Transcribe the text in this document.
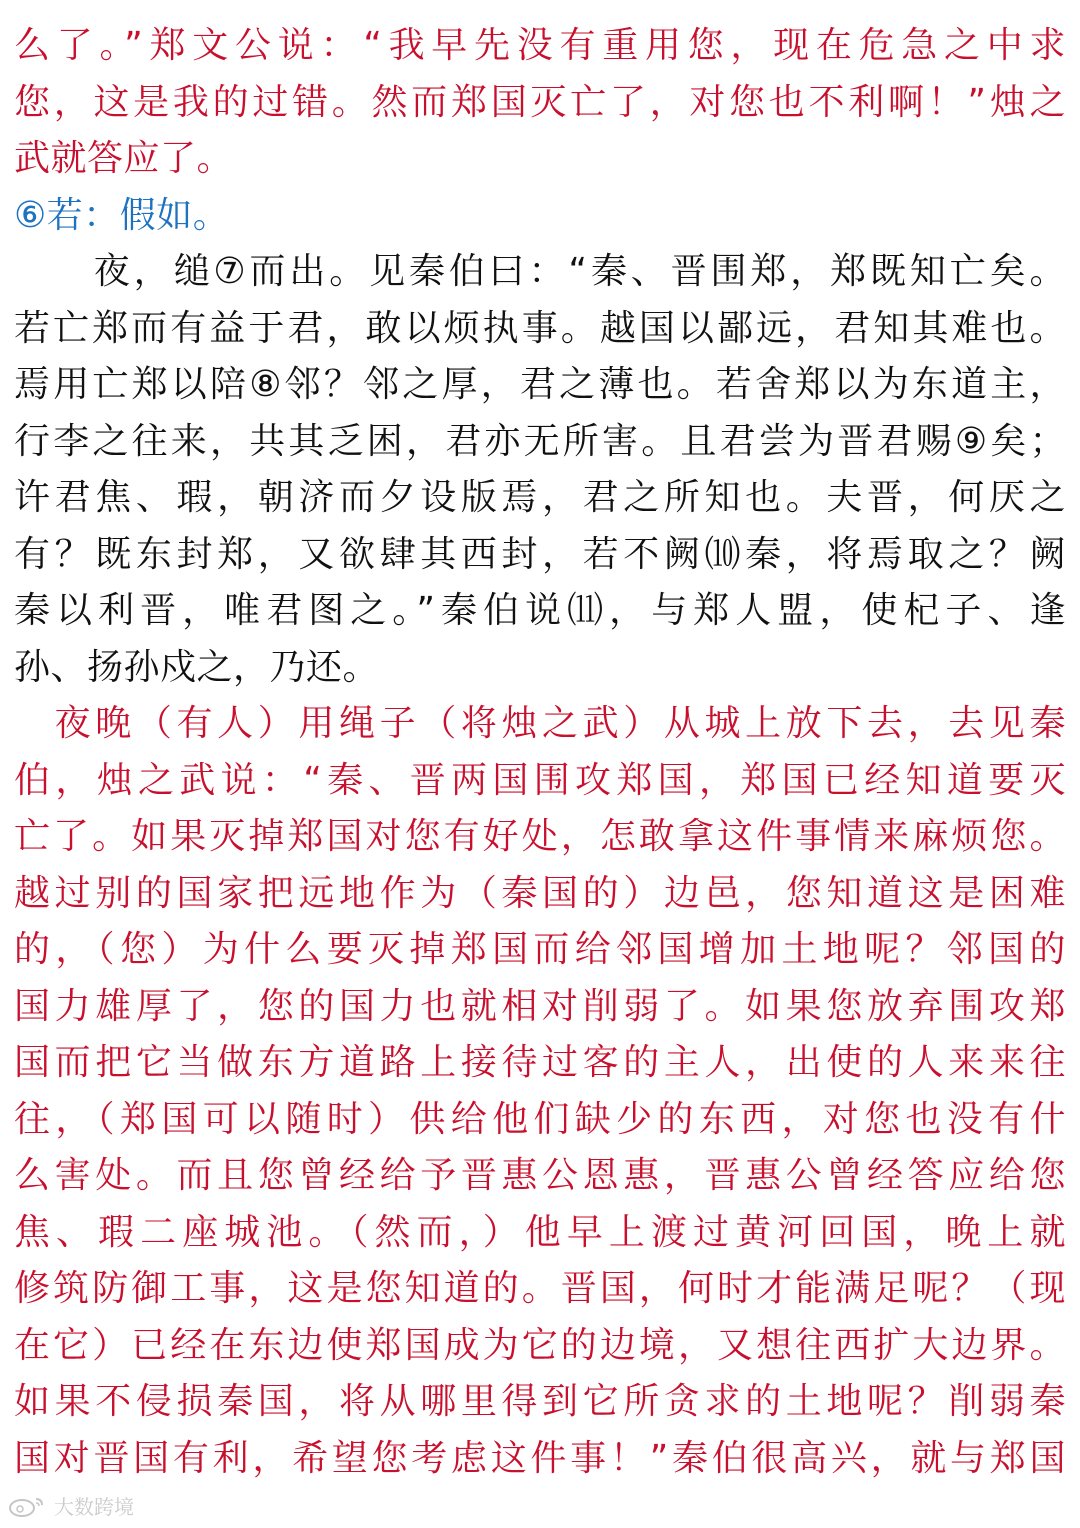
么了。”郑文公说：“我早先没有重用您，现在危急之中求
您，这是我的过错。然而郑国灭亡了，对您也不利啊！”烛之
武就答应了。
⑥若：假如。
　　夜，缒⑦而出。见秦伯曰：“秦、晋围郑，郑既知亡矣。
若亡郑而有益于君，敢以烦执事。越国以鄙远，君知其难也。
焉用亡郑以陪⑧邻？邻之厚，君之薄也。若舍郑以为东道主，
行李之往来，共其乏困，君亦无所害。且君尝为晋君赐⑨矣；
许君焦、瑕，朝济而夕设版焉，君之所知也。夫晋，何厌之
有？既东封郑，又欲肆其西封，若不阙⑽秦，将焉取之？阙
秦以利晋，唯君图之。”秦伯说⑾，与郑人盟，使杞子、逢
孙、扬孙戍之，乃还。
　夜晚（有人）用绳子（将烛之武）从城上放下去，去见秦
伯，烛之武说：“秦、晋两国围攻郑国，郑国已经知道要灭
亡了。如果灭掉郑国对您有好处，怎敢拿这件事情来麻烦您。
越过别的国家把远地作为（秦国的）边邑，您知道这是困难
的，（您）为什么要灭掉郑国而给邻国增加土地呢？邻国的
国力雄厚了，您的国力也就相对削弱了。如果您放弃围攻郑
国而把它当做东方道路上接待过客的主人，出使的人来来往
往，（郑国可以随时）供给他们缺少的东西，对您也没有什
么害处。而且您曾经给予晋惠公恩惠，晋惠公曾经答应给您
焦、瑕二座城池。（然而，）他早上渡过黄河回国，晚上就
修筑防御工事，这是您知道的。晋国，何时才能满足呢？（现
在它）已经在东边使郑国成为它的边境，又想往西扩大边界。
如果不侵损秦国，将从哪里得到它所贪求的土地呢？削弱秦
国对晋国有利，希望您考虑这件事！”秦伯很高兴，就与郑国
大数跨境
